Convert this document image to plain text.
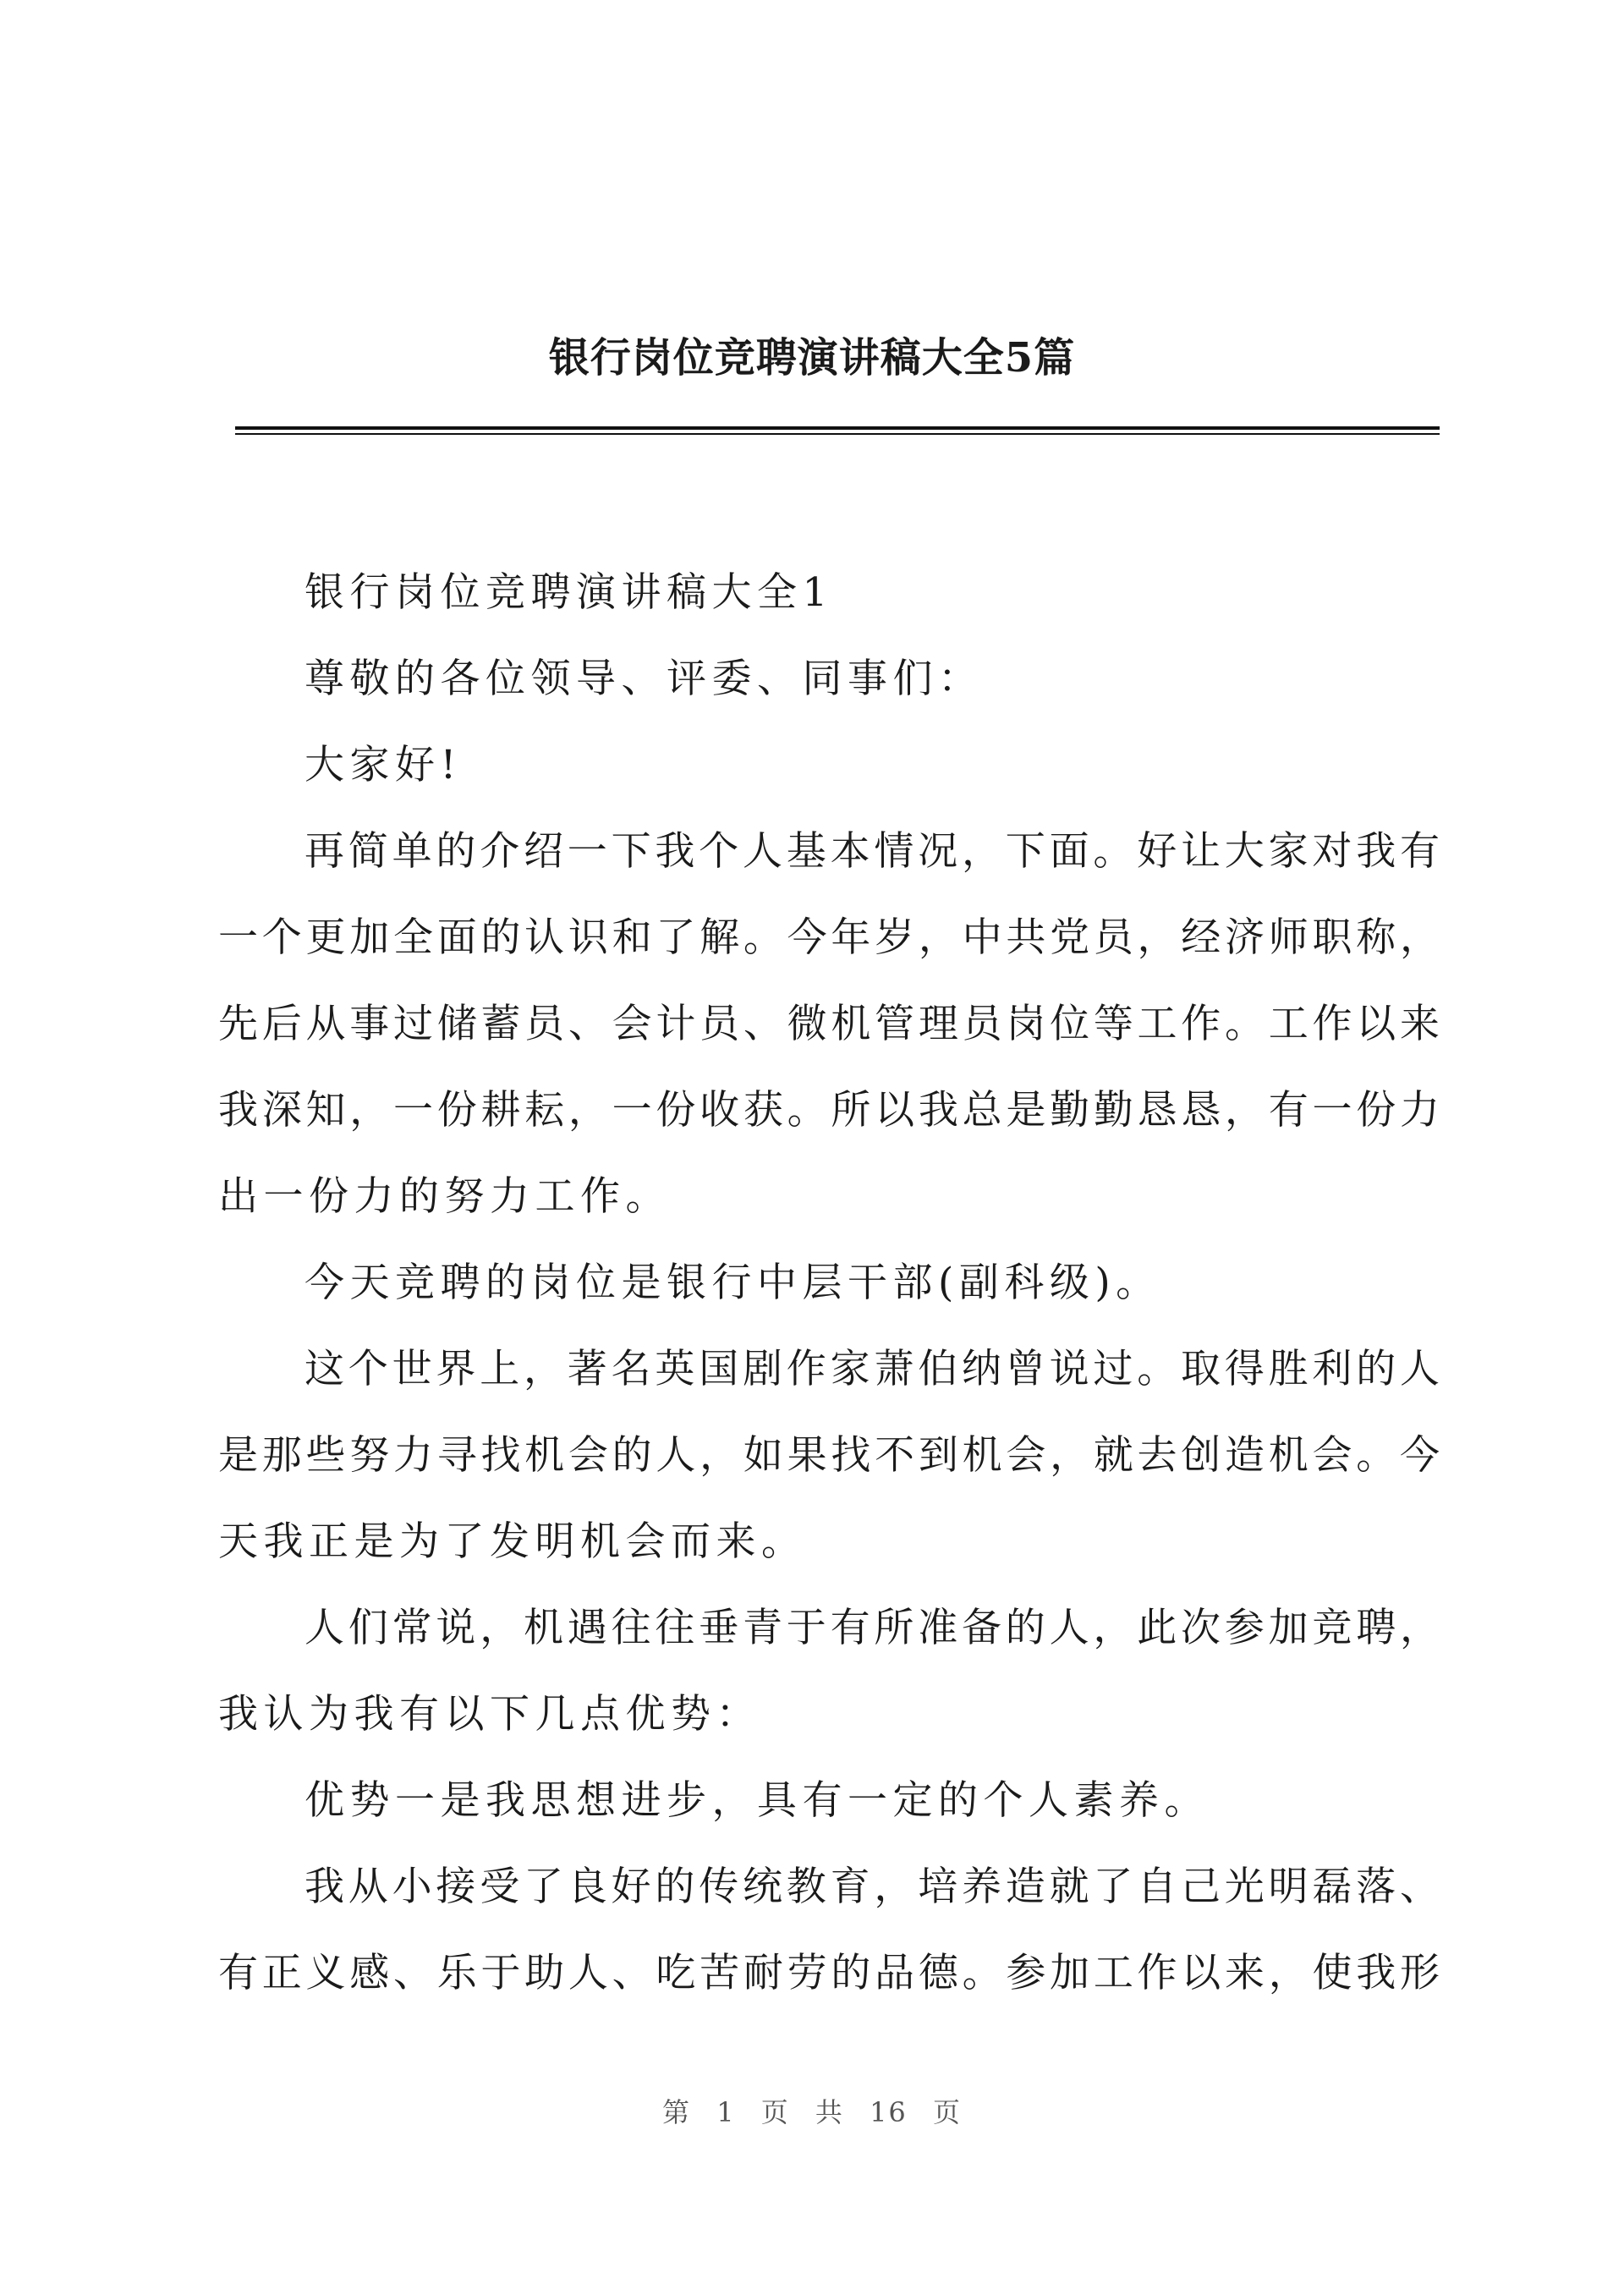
银行岗位竞聘演讲稿大全5篇
银行岗位竞聘演讲稿大全1
尊敬的各位领导、评委、同事们：
大家好!
再简单的介绍一下我个人基本情况，下面。好让大家对我有
一个更加全面的认识和了解。今年岁，中共党员，经济师职称，
先后从事过储蓄员、会计员、微机管理员岗位等工作。工作以来
我深知，一份耕耘，一份收获。所以我总是勤勤恳恳，有一份力
出一份力的努力工作。
今天竞聘的岗位是银行中层干部(副科级)。
这个世界上，著名英国剧作家萧伯纳曾说过。取得胜利的人
是那些努力寻找机会的人，如果找不到机会，就去创造机会。今
天我正是为了发明机会而来。
人们常说，机遇往往垂青于有所准备的人，此次参加竞聘，
我认为我有以下几点优势：
优势一是我思想进步，具有一定的个人素养。
我从小接受了良好的传统教育，培养造就了自己光明磊落、
有正义感、乐于助人、吃苦耐劳的品德。参加工作以来，使我形
第 1 页 共 16 页
